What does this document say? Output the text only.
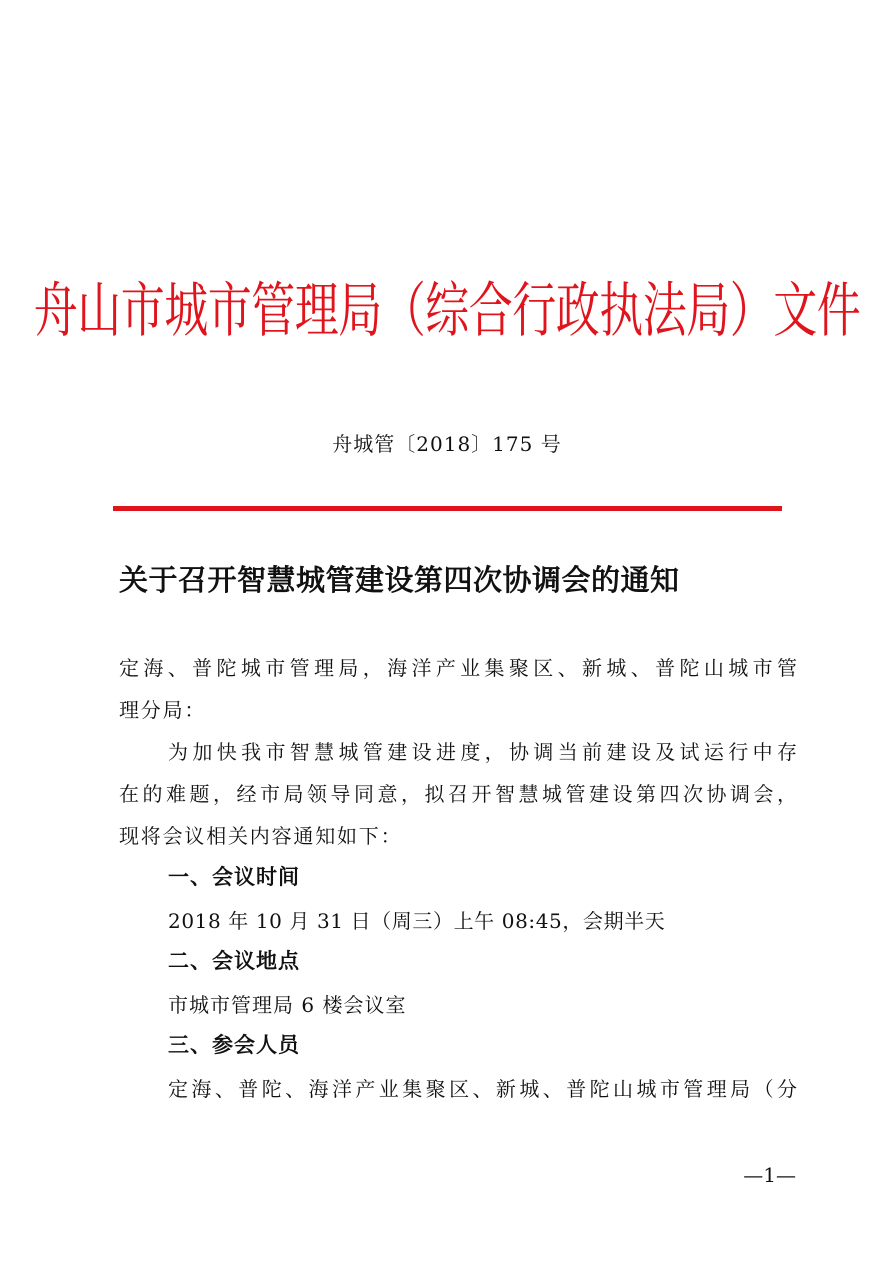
舟山市城市管理局（综合行政执法局）文件
舟城管〔2018〕175 号
关于召开智慧城管建设第四次协调会的通知
定海、普陀城市管理局，海洋产业集聚区、新城、普陀山城市管
理分局：
为加快我市智慧城管建设进度，协调当前建设及试运行中存
在的难题，经市局领导同意，拟召开智慧城管建设第四次协调会，
现将会议相关内容通知如下：
一、会议时间
2018 年 10 月 31 日（周三）上午 08:45，会期半天
二、会议地点
市城市管理局 6 楼会议室
三、参会人员
定海、普陀、海洋产业集聚区、新城、普陀山城市管理局（分
—1—
